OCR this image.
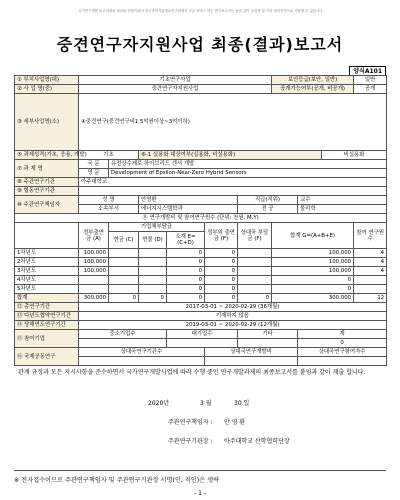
국가연구개발 보고서원문 성과물 전담기관인 한국과학기술정보연구원에서 가공·서비스 하는 연구보고서는 동의 없이 상업적 및 기타 영리목적으로 사용할 수 없습니다.
중견연구자지원사업 최종(결과)보고서
양식A101
① 부처사업명(대)	기초연구사업						보안등급(보안, 일반)			일반
② 사 업 명(중)	중견연구자지원사업						공개가능여부(공개, 비공개)			공개
③ 세부사업명(소)	④중견연구(중견연구비1.5억원이상~3억이하)									
⑤ 과제성격(기초, 응용, 개발)	기초		⑥-1 실용화 대상여부(실용화, 비실용화)						비실용화	
⑦ 과 제 명	국 문	유전상수제로 하이브리드 센서 개발								
	영 문	Development of Epsilon-Near-Zero Hybrid Sensors								
⑧ 주관연구기관	아주대학교									
⑨ 협동연구기관										
⑩ 주관연구책임자	성 명		안영환			직급(직위)		교수		
	소속부서		에너지시스템학과			전 공		물리학		
⑪ 연구개발비 및 참여연구원수 (단위: 천원, M.Y)										
	정부출연금 (A)	기업체부담금			정부외 출연금 (F)	상대국 부담금 (F)	합계 G=(A+B+E)			참여 연구원수
		현금 (C)	현물 (D)	소계 E=(C+D)						
1차년도	100,000			0	0		100,000			4
2차년도	100,000			0	0		100,000			4
3차년도	100,000			0	0		100,000			4
4차년도				0	0		0			
5차년도				0	0		0			
합계	300,000	0	0	0	0	0	300,000			12
⑫ 총연구기간	2017-03-01 ~ 2020-02-29 (36개월)									
⑬ 다년도협약연구기간	기재하지 않음									
⑭ 당해연도연구기간	2019-03-01 ~ 2020-02-29 (12개월)									
⑮ 참여기업	중소기업수			대기업수		기타		계		
								0		
⑯ 국제공동연구	상대국연구기관수				상대국연구개발비			상대국연구참여자수		

관계 규정과 모든 지시사항을 준수하면서 국가연구개발사업에 따라 수행 중인 연구개발과제의 최종보고서를 붙임과 같이 제출 합니다.
2020년	3 월	30 일
주관연구책임자 : 안 영 환
주관연구기관장 : 아주대학교 산학협력단장
※ 전자접수이므로 주관연구책임자 및 주관연구기관장 서명(인, 직인)은 생략
- 1 -
